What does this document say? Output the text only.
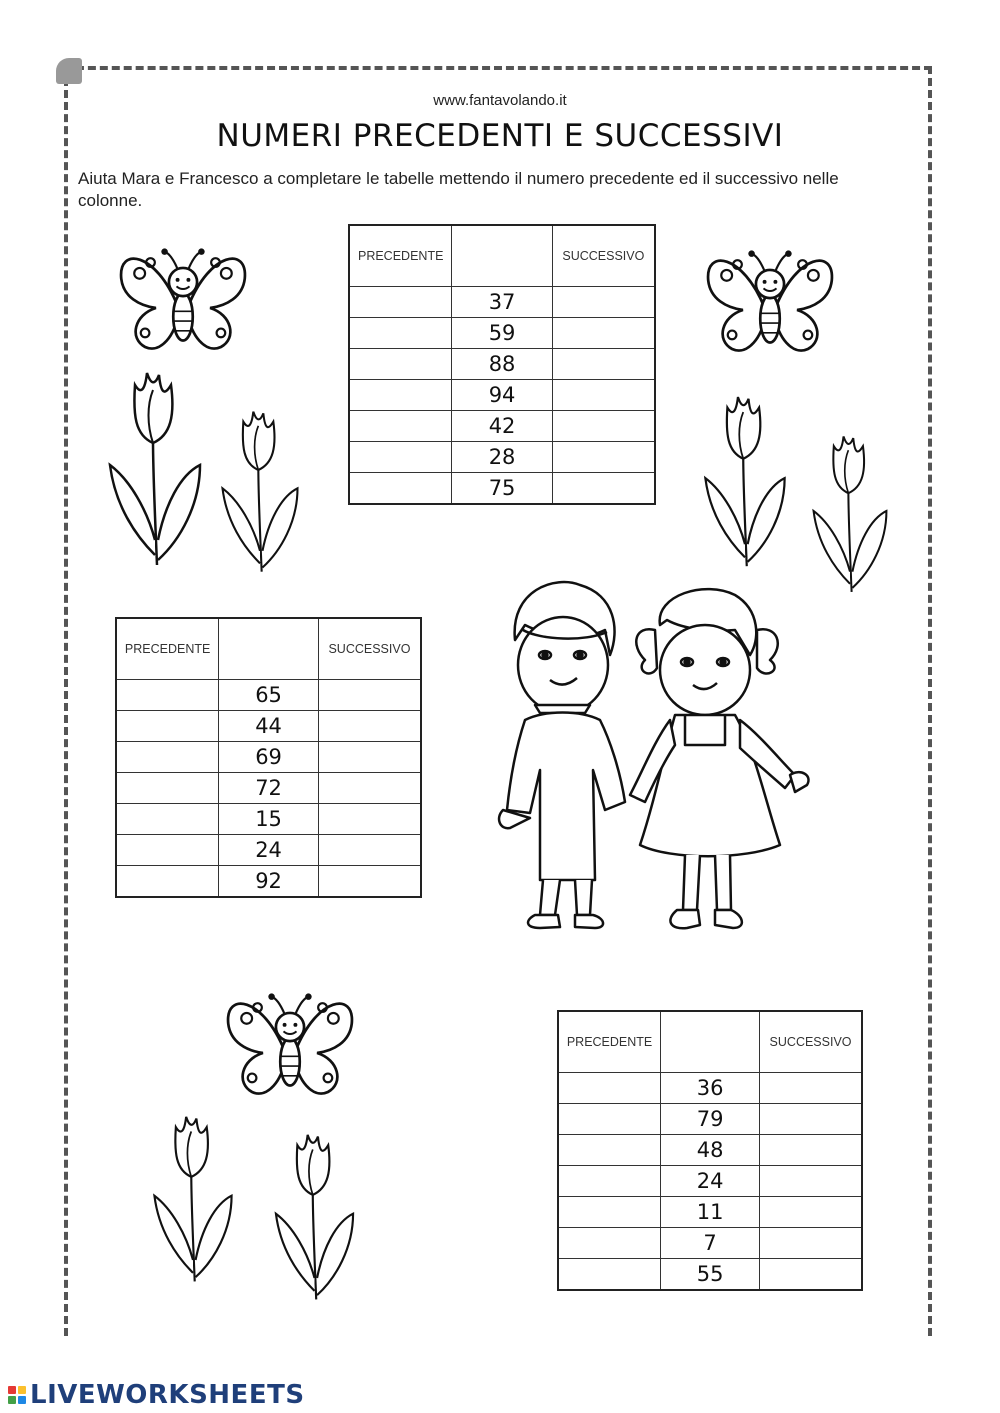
www.fantavolando.it
NUMERI PRECEDENTI E SUCCESSIVI
Aiuta Mara e Francesco a completare le tabelle mettendo il numero precedente ed il successivo nelle colonne.
PRECEDENTE		SUCCESSIVO
	37	
	59	
	88	
	94	
	42	
	28	
	75	
PRECEDENTE		SUCCESSIVO
	65	
	44	
	69	
	72	
	15	
	24	
	92	
PRECEDENTE		SUCCESSIVO
	36	
	79	
	48	
	24	
	11	
	7	
	55	
LIVEWORKSHEETS
